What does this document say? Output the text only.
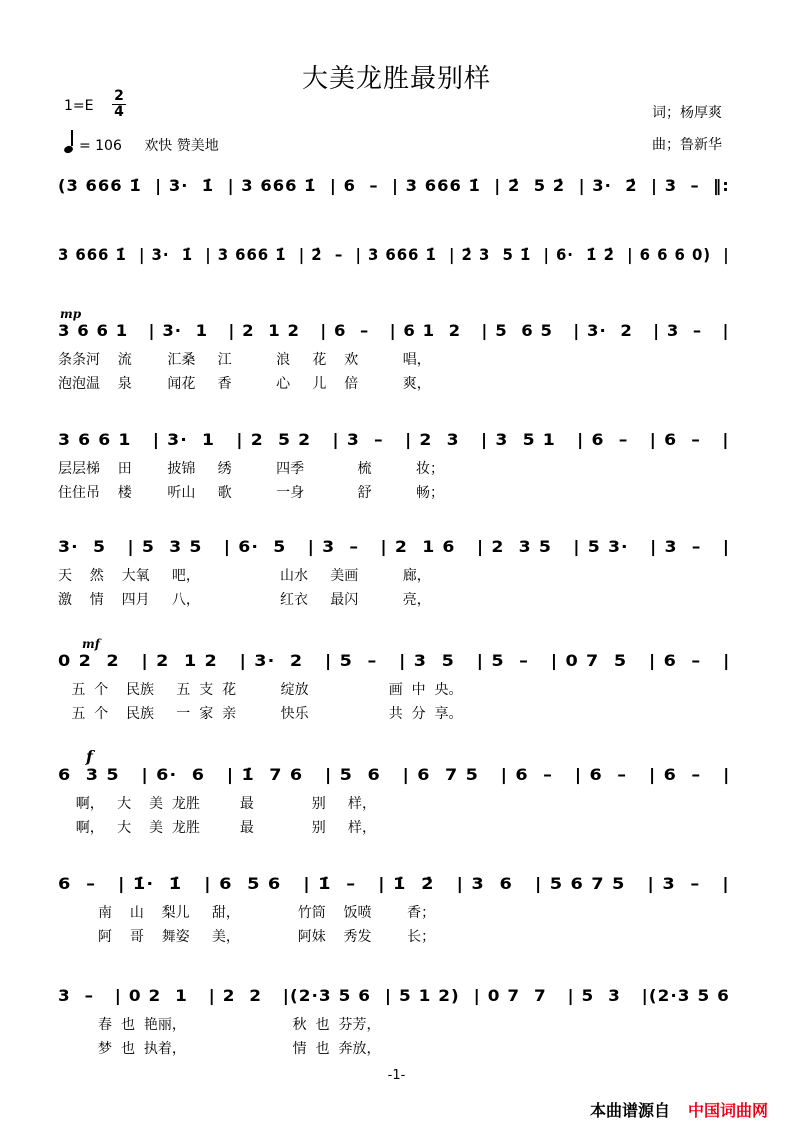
大美龙胜最别样
1=E
2
4
= 106 欢快 赞美地
词；杨厚爽
曲；鲁新华
(3 666 1̇  | 3·  1̇  | 3 666 1̇  | 6  –  | 3 666 1̇  | 2̇  5 2̇  | 3·  2̇  | 3  –  ‖:
3 666 1̇  | 3·  1̇  | 3 666 1̇  | 2̇  –  | 3 666 1̇  | 2̇ 3  5 1̇  | 6·  1̇ 2̇  | 6 6 6 0)  |
mp
3 6 6 1   | 3·  1   | 2  1 2   | 6  –   | 6 1  2   | 5  6 5   | 3·  2   | 3  –   |
条条河    流        汇桑     江          浪     花    欢          唱，
泡泡温    泉        闻花     香          心     儿    倍          爽，
3 6 6 1   | 3·  1   | 2  5 2   | 3  –   | 2  3   | 3  5 1   | 6  –   | 6  –   |
层层梯    田        披锦     绣          四季            梳          妆；
住住吊    楼        听山     歌          一身            舒          畅；
3·  5   | 5  3 5   | 6·  5   | 3  –   | 2  1 6   | 2  3 5   | 5 3·   | 3  –   |
天    然    大氧     吧，                  山水     美画          廊，
激    情    四月     八，                  红衣     最闪          亮，
mf
0 2  2   | 2  1 2   | 3·  2   | 5  –   | 3  5   | 5  –   | 0 7  5   | 6  –   |
五  个    民族     五  支  花          绽放                  画  中  央。
五  个    民族     一  家  亲          快乐                  共  分  享。
f
6  3 5   | 6·  6   | 1̇  7 6   | 5  6   | 6  7 5   | 6  –   | 6  –   | 6  –   |
啊，   大    美  龙胜         最             别     样，
啊，   大    美  龙胜         最             别     样，
6  –   | 1̇·  1̇   | 6  5 6   | 1̇  –   | 1̇  2̇   | 3  6   | 5 6 7 5   | 3  –   |
南    山    梨儿     甜，             竹筒    饭喷        香；
阿    哥    舞姿     美，             阿妹    秀发        长；
3  –   | 0 2  1   | 2  2   |(2·3 5 6  | 5 1 2)  | 0 7  7   | 5  3   |(2·3 5 6
春  也  艳丽，                        秋  也  芬芳，
梦  也  执着，                        情  也  奔放，
-1-
本曲谱源自 中国词曲网
